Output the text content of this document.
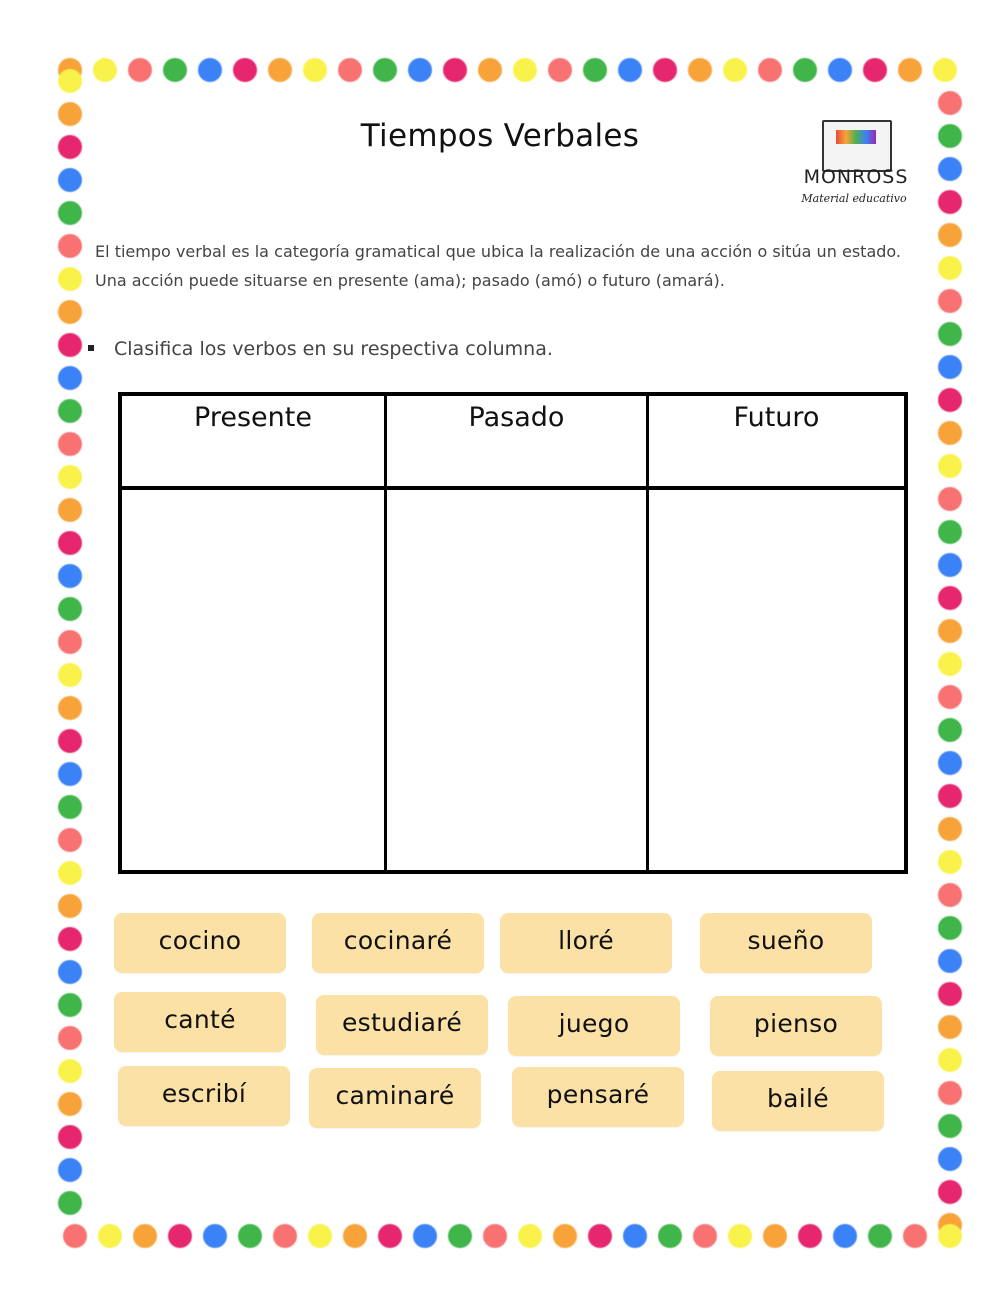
Tiempos Verbales
MONROSS
Material educativo
El tiempo verbal es la categoría gramatical que ubica la realización de una acción o sitúa un estado. Una acción puede situarse en presente (ama); pasado (amó) o futuro (amará).
Clasifica los verbos en su respectiva columna.
Presente	Pasado	Futuro
cocino	cocinaré	lloré	sueño
canté	estudiaré	juego	pienso
escribí	caminaré	pensaré	bailé
